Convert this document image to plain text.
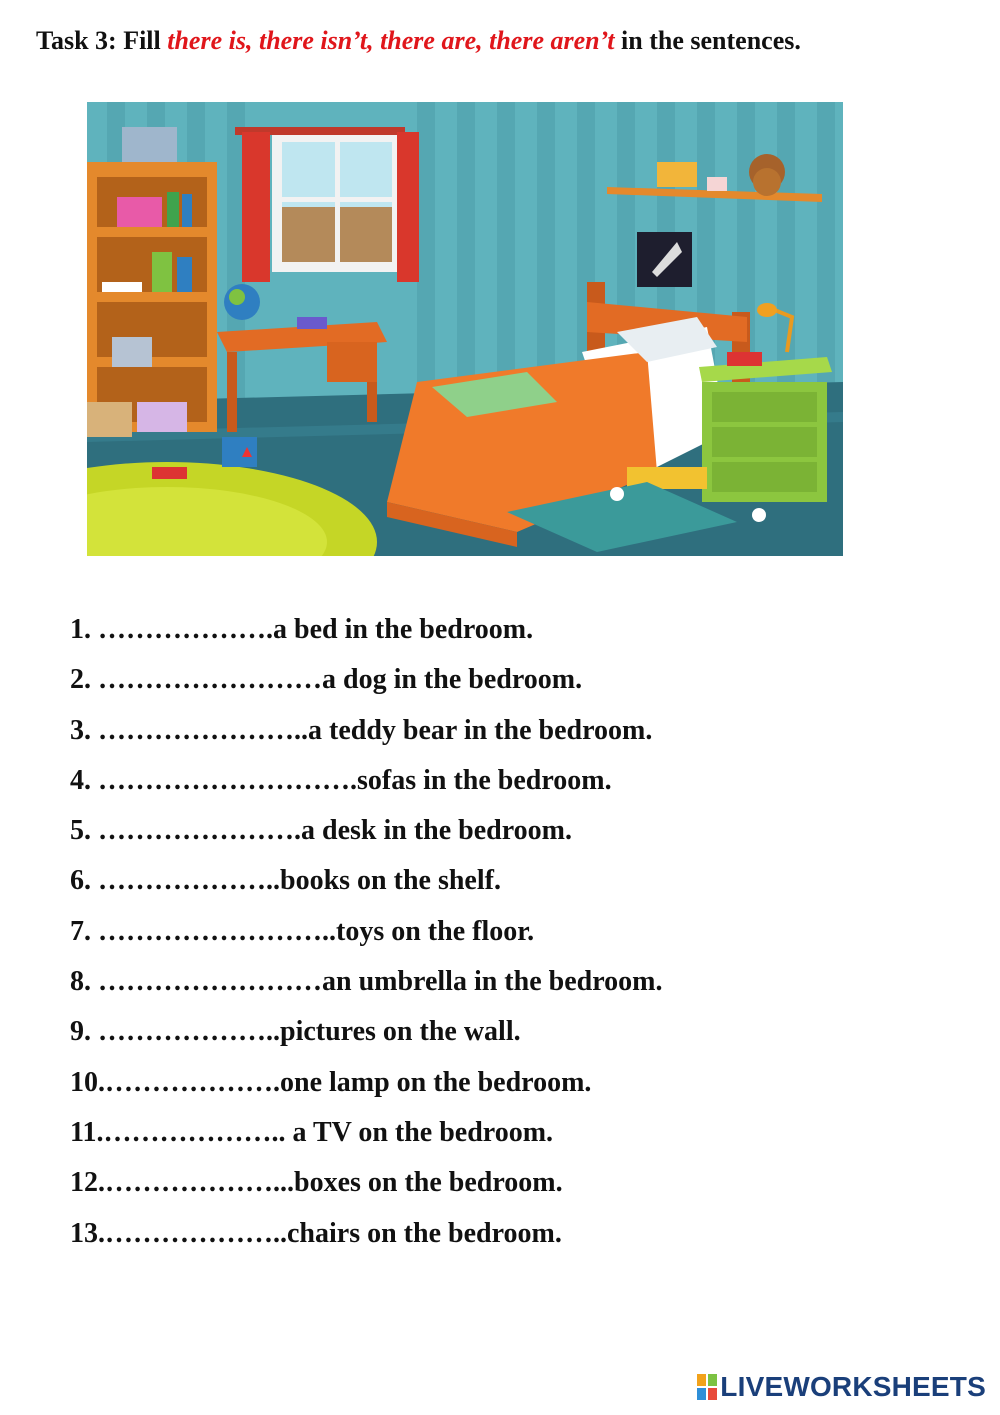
Task 3: Fill there is, there isn’t, there are, there aren’t in the sentences.
1. ……………….a bed in the bedroom.
2. ……………………a dog in the bedroom.
3. …………………..a teddy bear in the bedroom.
4. ……………………….sofas in the bedroom.
5. ………………….a desk in the bedroom.
6. ………………..books on the shelf.
7. ……………………..toys on the floor.
8. ……………………an umbrella in the bedroom.
9. ………………..pictures on the wall.
10.……………….one lamp on the bedroom.
11.……………….. a TV on the bedroom.
12.………………...boxes on the bedroom.
13.………………..chairs on the bedroom.
LIVEWORKSHEETS
